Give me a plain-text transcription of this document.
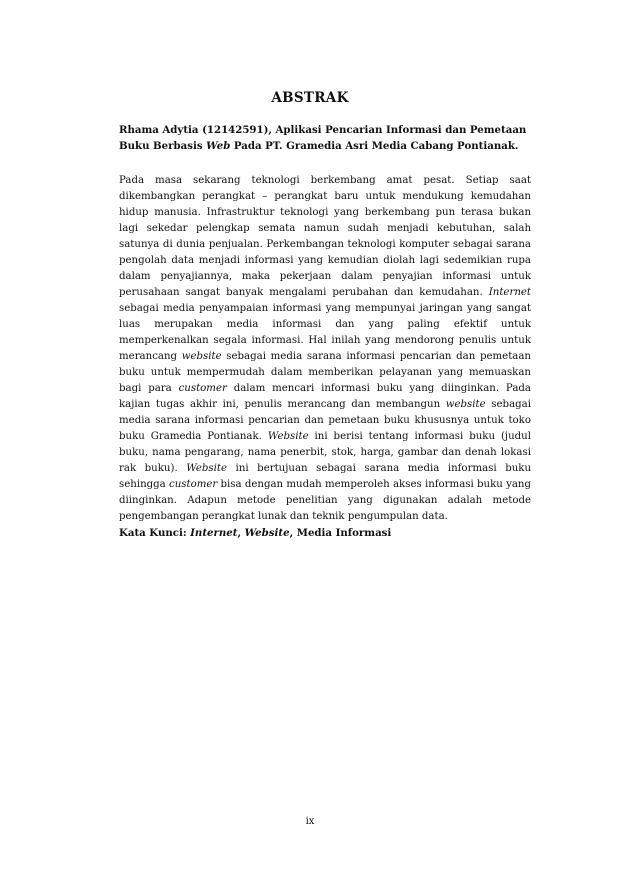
ABSTRAK

Rhama Adytia (12142591), Aplikasi Pencarian Informasi dan Pemetaan
Buku Berbasis Web Pada PT. Gramedia Asri Media Cabang Pontianak.

Pada masa sekarang teknologi berkembang amat pesat. Setiap saat dikembangkan perangkat – perangkat baru untuk mendukung kemudahan hidup manusia. Infrastruktur teknologi yang berkembang pun terasa bukan lagi sekedar pelengkap semata namun sudah menjadi kebutuhan, salah satunya di dunia penjualan. Perkembangan teknologi komputer sebagai sarana pengolah data menjadi informasi yang kemudian diolah lagi sedemikian rupa dalam penyajiannya, maka pekerjaan dalam penyajian informasi untuk perusahaan sangat banyak mengalami perubahan dan kemudahan. Internet sebagai media penyampaian informasi yang mempunyai jaringan yang sangat luas merupakan media informasi dan yang paling efektif untuk memperkenalkan segala informasi. Hal inilah yang mendorong penulis untuk merancang website sebagai media sarana informasi pencarian dan pemetaan buku untuk mempermudah dalam memberikan pelayanan yang memuaskan bagi para customer dalam mencari informasi buku yang diinginkan. Pada kajian tugas akhir ini, penulis merancang dan membangun website sebagai media sarana informasi pencarian dan pemetaan buku khususnya untuk toko buku Gramedia Pontianak. Website ini berisi tentang informasi buku (judul buku, nama pengarang, nama penerbit, stok, harga, gambar dan denah lokasi rak buku). Website ini bertujuan sebagai sarana media informasi buku sehingga customer bisa dengan mudah memperoleh akses informasi buku yang diinginkan. Adapun metode penelitian yang digunakan adalah metode pengembangan perangkat lunak dan teknik pengumpulan data.

Kata Kunci: Internet, Website, Media Informasi

ix
